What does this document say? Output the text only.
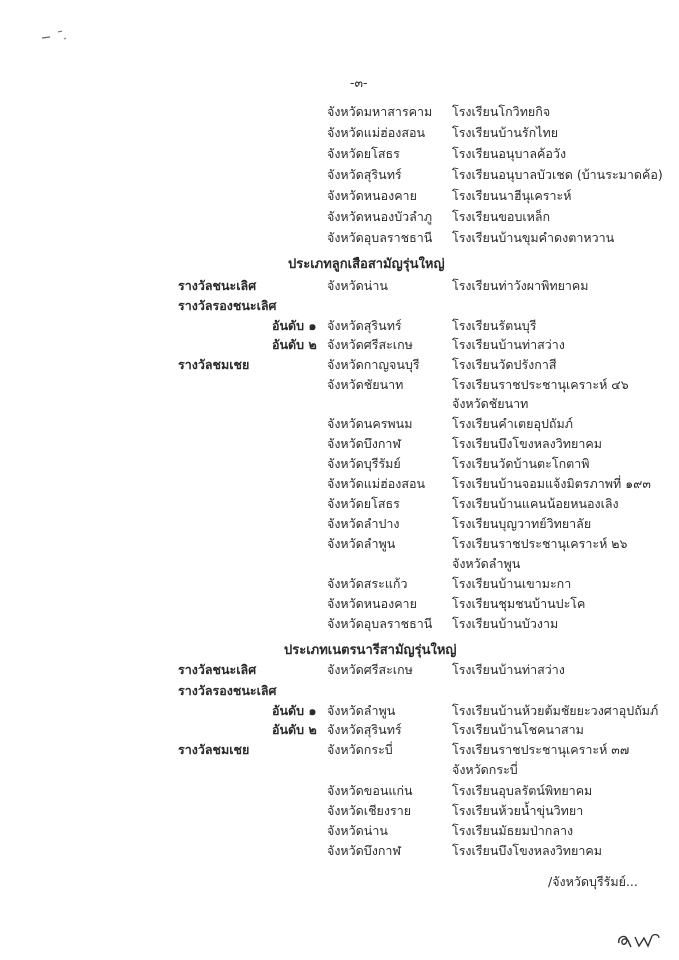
-๓-
จังหวัดมหาสารคาม โรงเรียนโกวิทยกิจ
จังหวัดแม่ฮ่องสอน โรงเรียนบ้านรักไทย
จังหวัดยโสธร	โรงเรียนอนุบาลค้อวัง
จังหวัดสุรินทร์	โรงเรียนอนุบาลบัวเชด (บ้านระมาดค้อ)
จังหวัดหนองคาย	โรงเรียนนาฮีนุเคราะห์
จังหวัดหนองบัวลำภู โรงเรียนขอบเหล็ก
จังหวัดอุบลราชธานี โรงเรียนบ้านขุมคำดงตาหวาน
ประเภทลูกเสือสามัญรุ่นใหญ่
รางวัลชนะเลิศ	จังหวัดน่าน	โรงเรียนท่าวังผาพิทยาคม
รางวัลรองชนะเลิศ
อันดับ ๑ จังหวัดสุรินทร์	โรงเรียนรัตนบุรี
อันดับ ๒ จังหวัดศรีสะเกษ	โรงเรียนบ้านท่าสว่าง
รางวัลชมเชย	จังหวัดกาญจนบุรี	โรงเรียนวัดปรังกาสี
จังหวัดชัยนาท	โรงเรียนราชประชานุเคราะห์ ๔๖
จังหวัดชัยนาท
จังหวัดนครพนม	โรงเรียนคำเตยอุปถัมภ์
จังหวัดบึงกาฬ	โรงเรียนบึงโขงหลงวิทยาคม
จังหวัดบุรีรัมย์	โรงเรียนวัดบ้านตะโกตาพิ
จังหวัดแม่ฮ่องสอน โรงเรียนบ้านจอมแจ้งมิตรภาพที่ ๑๙๓
จังหวัดยโสธร	โรงเรียนบ้านแคนน้อยหนองเลิง
จังหวัดลำปาง	โรงเรียนบุญวาทย์วิทยาลัย
จังหวัดลำพูน	โรงเรียนราชประชานุเคราะห์ ๒๖
จังหวัดลำพูน
จังหวัดสระแก้ว	โรงเรียนบ้านเขามะกา
จังหวัดหนองคาย	โรงเรียนชุมชนบ้านปะโค
จังหวัดอุบลราชธานี โรงเรียนบ้านบัวงาม
ประเภทเนตรนารีสามัญรุ่นใหญ่
รางวัลชนะเลิศ	จังหวัดศรีสะเกษ	โรงเรียนบ้านท่าสว่าง
รางวัลรองชนะเลิศ
อันดับ ๑ จังหวัดลำพูน	โรงเรียนบ้านห้วยต้มชัยยะวงศาอุปถัมภ์
อันดับ ๒ จังหวัดสุรินทร์	โรงเรียนบ้านโชคนาสาม
รางวัลชมเชย	จังหวัดกระบี่	โรงเรียนราชประชานุเคราะห์ ๓๗
จังหวัดกระบี่
จังหวัดขอนแก่น	โรงเรียนอุบลรัตน์พิทยาคม
จังหวัดเชียงราย	โรงเรียนห้วยน้ำขุ่นวิทยา
จังหวัดน่าน	โรงเรียนมัธยมป่ากลาง
จังหวัดบึงกาฬ	โรงเรียนบึงโขงหลงวิทยาคม
/จังหวัดบุรีรัมย์...
